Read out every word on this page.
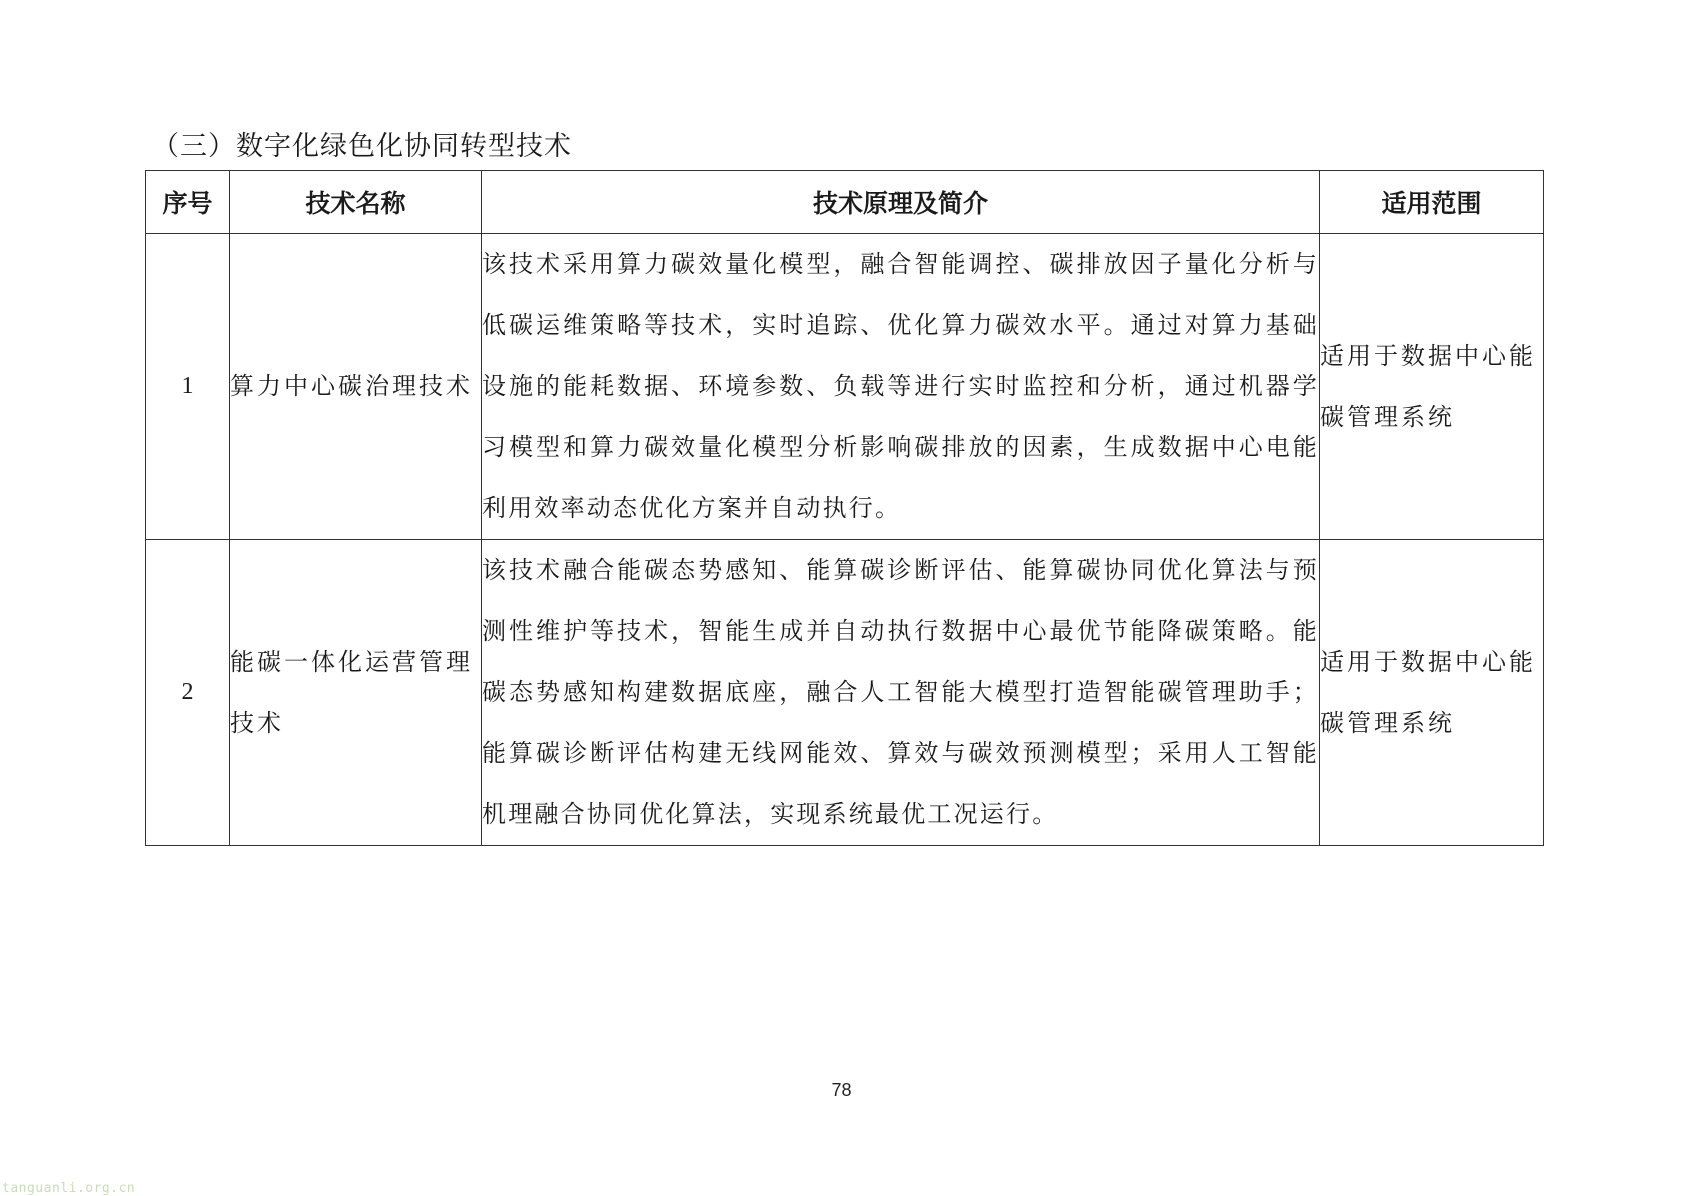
（三）数字化绿色化协同转型技术
序号	技术名称	技术原理及简介	适用范围
1	算力中心碳治理技术	该技术采用算力碳效量化模型，融合智能调控、碳排放因子量化分析与低碳运维策略等技术，实时追踪、优化算力碳效水平。通过对算力基础设施的能耗数据、环境参数、负载等进行实时监控和分析，通过机器学习模型和算力碳效量化模型分析影响碳排放的因素，生成数据中心电能利用效率动态优化方案并自动执行。	适用于数据中心能碳管理系统
2	能碳一体化运营管理技术	该技术融合能碳态势感知、能算碳诊断评估、能算碳协同优化算法与预测性维护等技术，智能生成并自动执行数据中心最优节能降碳策略。能碳态势感知构建数据底座，融合人工智能大模型打造智能碳管理助手；能算碳诊断评估构建无线网能效、算效与碳效预测模型；采用人工智能机理融合协同优化算法，实现系统最优工况运行。	适用于数据中心能碳管理系统
78
tanguanli.org.cn
